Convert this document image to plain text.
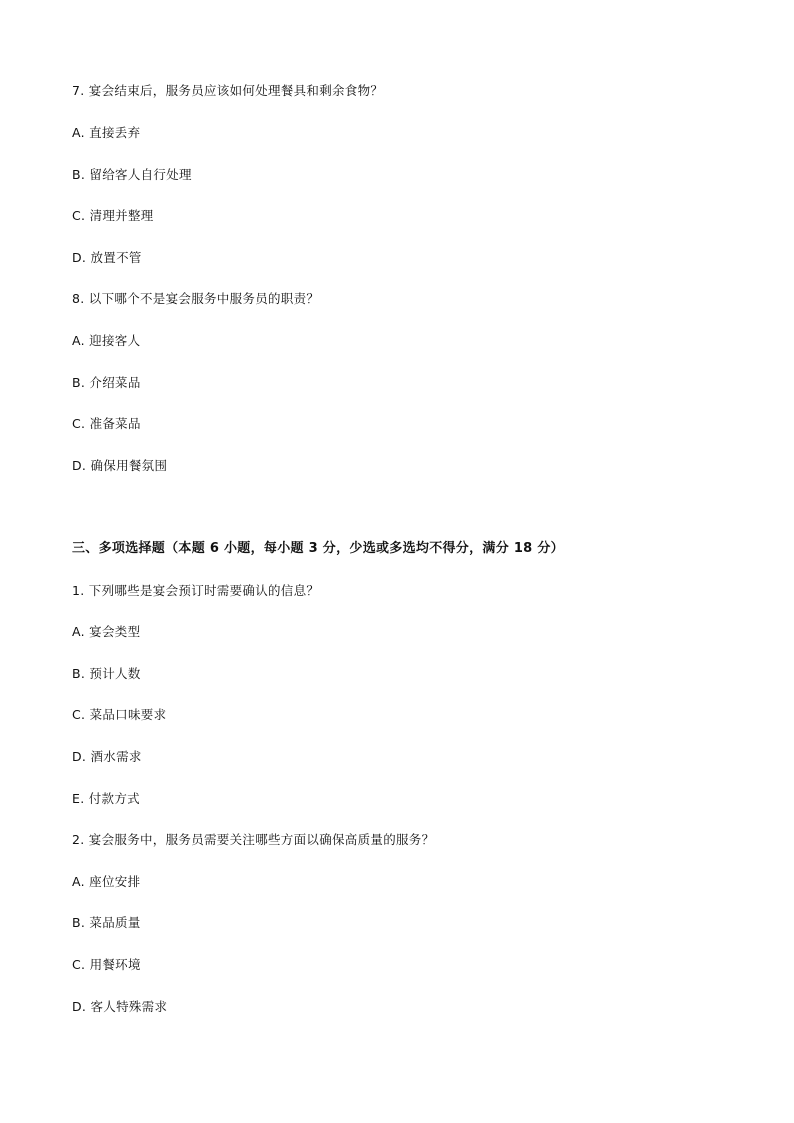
7. 宴会结束后，服务员应该如何处理餐具和剩余食物？
A. 直接丢弃
B. 留给客人自行处理
C. 清理并整理
D. 放置不管
8. 以下哪个不是宴会服务中服务员的职责？
A. 迎接客人
B. 介绍菜品
C. 准备菜品
D. 确保用餐氛围
三、多项选择题（本题 6 小题，每小题 3 分，少选或多选均不得分，满分 18 分）
1. 下列哪些是宴会预订时需要确认的信息？
A. 宴会类型
B. 预计人数
C. 菜品口味要求
D. 酒水需求
E. 付款方式
2. 宴会服务中，服务员需要关注哪些方面以确保高质量的服务？
A. 座位安排
B. 菜品质量
C. 用餐环境
D. 客人特殊需求
